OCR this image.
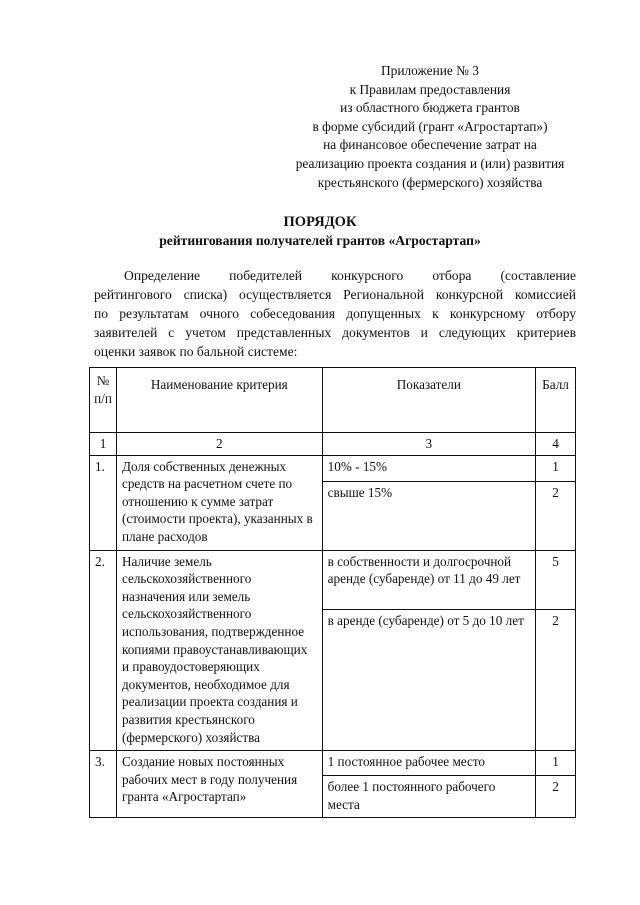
Приложение № 3
к Правилам предоставления
из областного бюджета грантов
в форме субсидий (грант «Агростартап»)
на финансовое обеспечение затрат на
реализацию проекта создания и (или) развития
крестьянского (фермерского) хозяйства
ПОРЯДОК
рейтингования получателей грантов «Агростартап»
Определение победителей конкурсного отбора (составление
рейтингового списка) осуществляется Региональной конкурсной комиссией
по результатам очного собеседования допущенных к конкурсному отбору
заявителей с учетом представленных документов и следующих критериев
оценки заявок по бальной системе:
№ п/п	Наименование критерия	Показатели	Балл
1	2	3	4
1.	Доля собственных денежных средств на расчетном счете по отношению к сумме затрат (стоимости проекта), указанных в плане расходов	10% - 15%	1
		свыше 15%	2
2.	Наличие земель сельскохозяйственного назначения или земель сельскохозяйственного использования, подтвержденное копиями правоустанавливающих и правоудостоверяющих документов, необходимое для реализации проекта создания и развития крестьянского (фермерского) хозяйства	в собственности и долгосрочной аренде (субаренде) от 11 до 49 лет	5
		в аренде (субаренде) от 5 до 10 лет	2
3.	Создание новых постоянных рабочих мест в году получения гранта «Агростартап»	1 постоянное рабочее место	1
		более 1 постоянного рабочего места	2
